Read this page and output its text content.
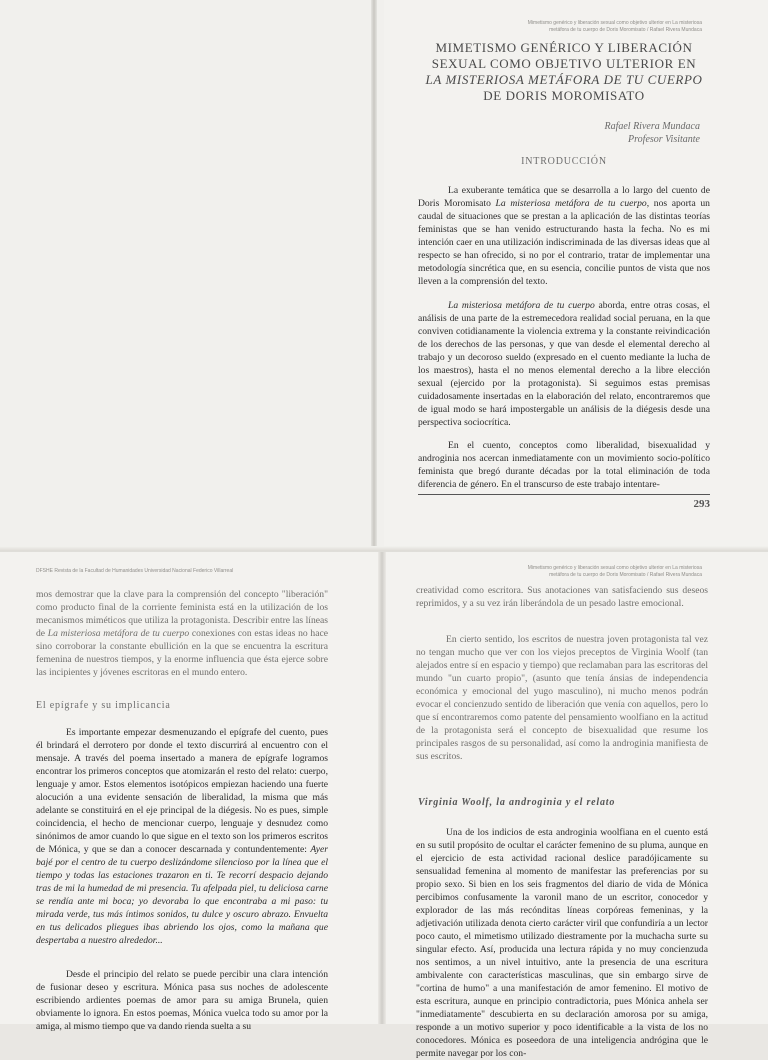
Mimetismo genérico y liberación sexual como objetivo ulterior en La misteriosa metáfora de tu cuerpo de Doris Moromisato / Rafael Rivera Mundaca
MIMETISMO GENÉRICO Y LIBERACIÓN
SEXUAL COMO OBJETIVO ULTERIOR EN
LA MISTERIOSA METÁFORA DE TU CUERPO
DE DORIS MOROMISATO
Rafael Rivera Mundaca
Profesor Visitante
INTRODUCCIÓN

La exuberante temática que se desarrolla a lo largo del cuento de Doris Moromisato La misteriosa metáfora de tu cuerpo, nos aporta un caudal de situaciones que se prestan a la aplicación de las distintas teorías feministas que se han venido estructurando hasta la fecha. No es mi intención caer en una utilización indiscriminada de las diversas ideas que al respecto se han ofrecido, si no por el contrario, tratar de implementar una metodología sincrética que, en su esencia, concilie puntos de vista que nos lleven a la comprensión del texto.

La misteriosa metáfora de tu cuerpo aborda, entre otras cosas, el análisis de una parte de la estremecedora realidad social peruana, en la que conviven cotidianamente la violencia extrema y la constante reivindicación de los derechos de las personas, y que van desde el elemental derecho al trabajo y un decoroso sueldo (expresado en el cuento mediante la lucha de los maestros), hasta el no menos elemental derecho a la libre elección sexual (ejercido por la protagonista). Si seguimos estas premisas cuidadosamente insertadas en la elaboración del relato, encontraremos que de igual modo se hará impostergable un análisis de la diégesis desde una perspectiva sociocrítica.

En el cuento, conceptos como liberalidad, bisexualidad y androginia nos acercan inmediatamente con un movimiento socio-político feminista que bregó durante décadas por la total eliminación de toda diferencia de género. En el transcurso de este trabajo intentare-

293
DFSHE Revista de la Facultad de Humanidades Universidad Nacional Federico Villarreal

mos demostrar que la clave para la comprensión del concepto "liberación" como producto final de la corriente feminista está en la utilización de los mecanismos miméticos que utiliza la protagonista. Describir entre las líneas de La misteriosa metáfora de tu cuerpo conexiones con estas ideas no hace sino corroborar la constante ebullición en la que se encuentra la escritura femenina de nuestros tiempos, y la enorme influencia que ésta ejerce sobre las incipientes y jóvenes escritoras en el mundo entero.

El epígrafe y su implicancia

Es importante empezar desmenuzando el epígrafe del cuento, pues él brindará el derrotero por donde el texto discurrirá al encuentro con el mensaje. A través del poema insertado a manera de epígrafe logramos encontrar los primeros conceptos que atomizarán el resto del relato: cuerpo, lenguaje y amor. Estos elementos isotópicos empiezan haciendo una fuerte alocución a una evidente sensación de liberalidad, la misma que más adelante se constituirá en el eje principal de la diégesis. No es pues, simple coincidencia, el hecho de mencionar cuerpo, lenguaje y desnudez como sinónimos de amor cuando lo que sigue en el texto son los primeros escritos de Mónica, y que se dan a conocer descarnada y contundentemente: Ayer bajé por el centro de tu cuerpo deslizándome silencioso por la línea que el tiempo y todas las estaciones trazaron en ti. Te recorrí despacio dejando tras de mi la humedad de mi presencia. Tu afelpada piel, tu deliciosa carne se rendía ante mi boca; yo devoraba lo que encontraba a mi paso: tu mirada verde, tus más íntimos sonidos, tu dulce y oscuro abrazo. Envuelta en tus delicados pliegues ibas abriendo los ojos, como la mañana que despertaba a nuestro alrededor...

Desde el principio del relato se puede percibir una clara intención de fusionar deseo y escritura. Mónica pasa sus noches de adolescente escribiendo ardientes poemas de amor para su amiga Brunela, quien obviamente lo ignora. En estos poemas, Mónica vuelca todo su amor por la amiga, al mismo tiempo que va dando rienda suelta a su

Mimetismo genérico y liberación sexual como objetivo ulterior en La misteriosa metáfora de tu cuerpo de Doris Moromisato / Rafael Rivera Mundaca

creatividad como escritora. Sus anotaciones van satisfaciendo sus deseos reprimidos, y a su vez irán liberándola de un pesado lastre emocional.

En cierto sentido, los escritos de nuestra joven protagonista tal vez no tengan mucho que ver con los viejos preceptos de Virginia Woolf (tan alejados entre sí en espacio y tiempo) que reclamaban para las escritoras del mundo "un cuarto propio", (asunto que tenía ánsias de independencia económica y emocional del yugo masculino), ni mucho menos podrán evocar el concienzudo sentido de liberación que venía con aquellos, pero lo que sí encontraremos como patente del pensamiento woolfiano en la actitud de la protagonista será el concepto de bisexualidad que resume los principales rasgos de su personalidad, así como la androginia manifiesta de sus escritos.

Virginia Woolf, la androginia y el relato

Una de los indicios de esta androginia woolfiana en el cuento está en su sutil propósito de ocultar el carácter femenino de su pluma, aunque en el ejercicio de esta actividad racional deslice paradójicamente su sensualidad femenina al momento de manifestar las preferencias por su propio sexo. Si bien en los seis fragmentos del diario de vida de Mónica percibimos confusamente la varonil mano de un escritor, conocedor y explorador de las más recónditas líneas corpóreas femeninas, y la adjetivación utilizada denota cierto carácter viril que confundiría a un lector poco cauto, el mimetismo utilizado diestramente por la muchacha surte su singular efecto. Así, producida una lectura rápida y no muy concienzuda nos sentimos, a un nivel intuitivo, ante la presencia de una escritura ambivalente con características masculinas, que sin embargo sirve de "cortina de humo" a una manifestación de amor femenino. El motivo de esta escritura, aunque en principio contradictoria, pues Mónica anhela ser "inmediatamente" descubierta en su declaración amorosa por su amiga, responde a un motivo superior y poco identificable a la vista de los no conocedores. Mónica es poseedora de una inteligencia andrógina que le permite navegar por los con-
